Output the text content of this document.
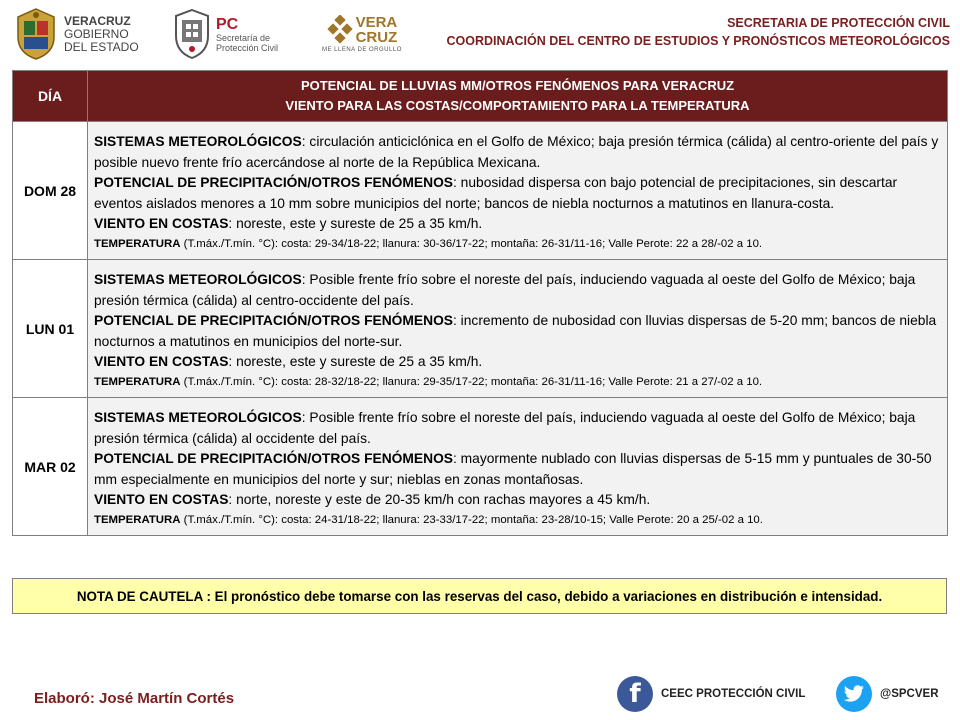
VERACRUZ
GOBIERNO
DEL ESTADO
PC
Secretaría de
Protección Civil
VERA
CRUZ
ME LLENA DE ORGULLO
SECRETARIA DE PROTECCIÓN CIVIL
COORDINACIÓN DEL CENTRO DE ESTUDIOS Y PRONÓSTICOS METEOROLÓGICOS
DÍA	POTENCIAL DE LLUVIAS MM/OTROS FENÓMENOS PARA VERACRUZ
VIENTO PARA LAS COSTAS/COMPORTAMIENTO PARA LA TEMPERATURA

DOM 28	SISTEMAS METEOROLÓGICOS: circulación anticiclónica en el Golfo de México; baja presión térmica (cálida) al centro-oriente del país y posible nuevo frente frío acercándose al norte de la República Mexicana.
POTENCIAL DE PRECIPITACIÓN/OTROS FENÓMENOS: nubosidad dispersa con bajo potencial de precipitaciones, sin descartar eventos aislados menores a 10 mm sobre municipios del norte; bancos de niebla nocturnos a matutinos en llanura-costa.
VIENTO EN COSTAS: noreste, este y sureste de 25 a 35 km/h.
TEMPERATURA (T.máx./T.mín. °C): costa: 29-34/18-22; llanura: 30-36/17-22; montaña: 26-31/11-16; Valle Perote: 22 a 28/-02 a 10.

LUN 01	SISTEMAS METEOROLÓGICOS: Posible frente frío sobre el noreste del país, induciendo vaguada al oeste del Golfo de México; baja presión térmica (cálida) al centro-occidente del país.
POTENCIAL DE PRECIPITACIÓN/OTROS FENÓMENOS: incremento de nubosidad con lluvias dispersas de 5-20 mm; bancos de niebla nocturnos a matutinos en municipios del norte-sur.
VIENTO EN COSTAS: noreste, este y sureste de 25 a 35 km/h.
TEMPERATURA (T.máx./T.mín. °C): costa: 28-32/18-22; llanura: 29-35/17-22; montaña: 26-31/11-16; Valle Perote: 21 a 27/-02 a 10.

MAR 02	SISTEMAS METEOROLÓGICOS: Posible frente frío sobre el noreste del país, induciendo vaguada al oeste del Golfo de México; baja presión térmica (cálida) al occidente del país.
POTENCIAL DE PRECIPITACIÓN/OTROS FENÓMENOS: mayormente nublado con lluvias dispersas de 5-15 mm y puntuales de 30-50 mm especialmente en municipios del norte y sur; nieblas en zonas montañosas.
VIENTO EN COSTAS: norte, noreste y este de 20-35 km/h con rachas mayores a 45 km/h.
TEMPERATURA (T.máx./T.mín. °C): costa: 24-31/18-22; llanura: 23-33/17-22; montaña: 23-28/10-15; Valle Perote: 20 a 25/-02 a 10.
NOTA DE CAUTELA : El pronóstico debe tomarse con las reservas del caso, debido a variaciones en distribución e intensidad.
Elaboró: José Martín Cortés	f CEEC PROTECCIÓN CIVIL	@SPCVER
